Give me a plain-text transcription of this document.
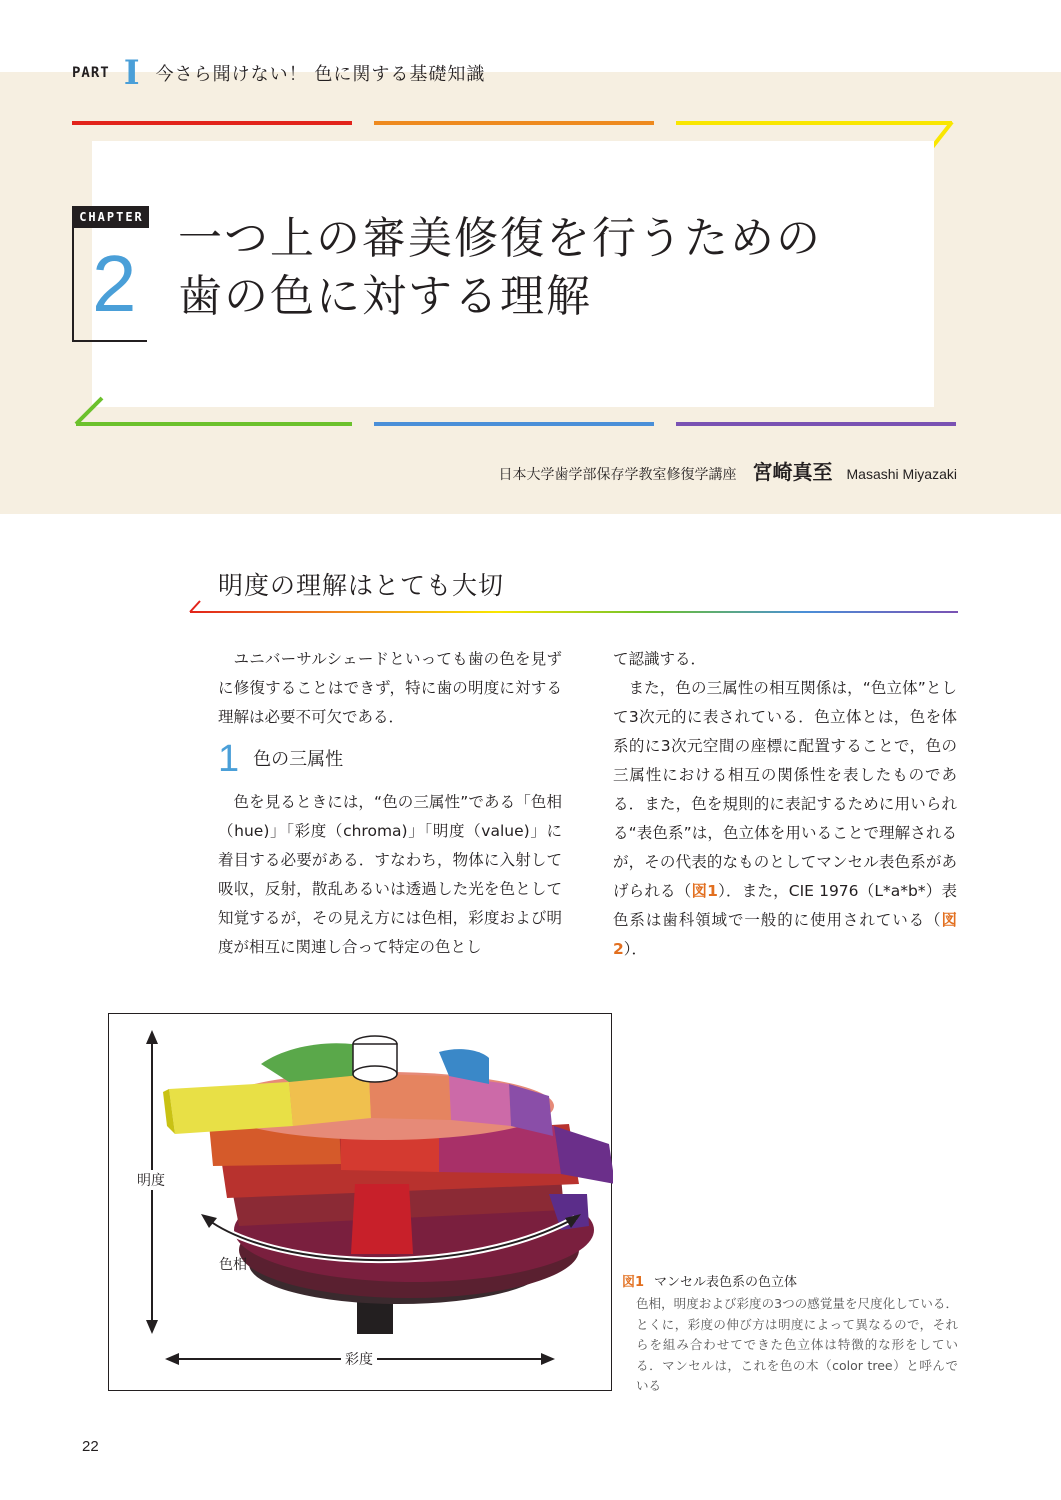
PART I 今さら聞けない！ 色に関する基礎知識
CHAPTER
2
一つ上の審美修復を行うための
歯の色に対する理解
日本大学歯学部保存学教室修復学講座 宮崎真至 Masashi Miyazaki
明度の理解はとても大切

ユニバーサルシェードといっても歯の色を見ずに修復することはできず，特に歯の明度に対する理解は必要不可欠である．

1 色の三属性

色を見るときには，“色の三属性”である「色相（hue)」「彩度（chroma)」「明度（value)」に着目する必要がある．すなわち，物体に入射して吸収，反射，散乱あるいは透過した光を色として知覚するが，その見え方には色相，彩度および明度が相互に関連し合って特定の色とし

て認識する．

また，色の三属性の相互関係は，“色立体”として3次元的に表されている．色立体とは，色を体系的に3次元空間の座標に配置することで，色の三属性における相互の関係性を表したものである．また，色を規則的に表記するために用いられる“表色系”は，色立体を用いることで理解されるが，その代表的なものとしてマンセル表色系があげられる（図1）．また，CIE 1976（L*a*b*）表色系は歯科領域で一般的に使用されている（図2）．

明度
色相
彩度
図1 マンセル表色系の色立体
色相，明度および彩度の3つの感覚量を尺度化している．とくに，彩度の伸び方は明度によって異なるので，それらを組み合わせてできた色立体は特徴的な形をしている．マンセルは，これを色の木（color tree）と呼んでいる
22
